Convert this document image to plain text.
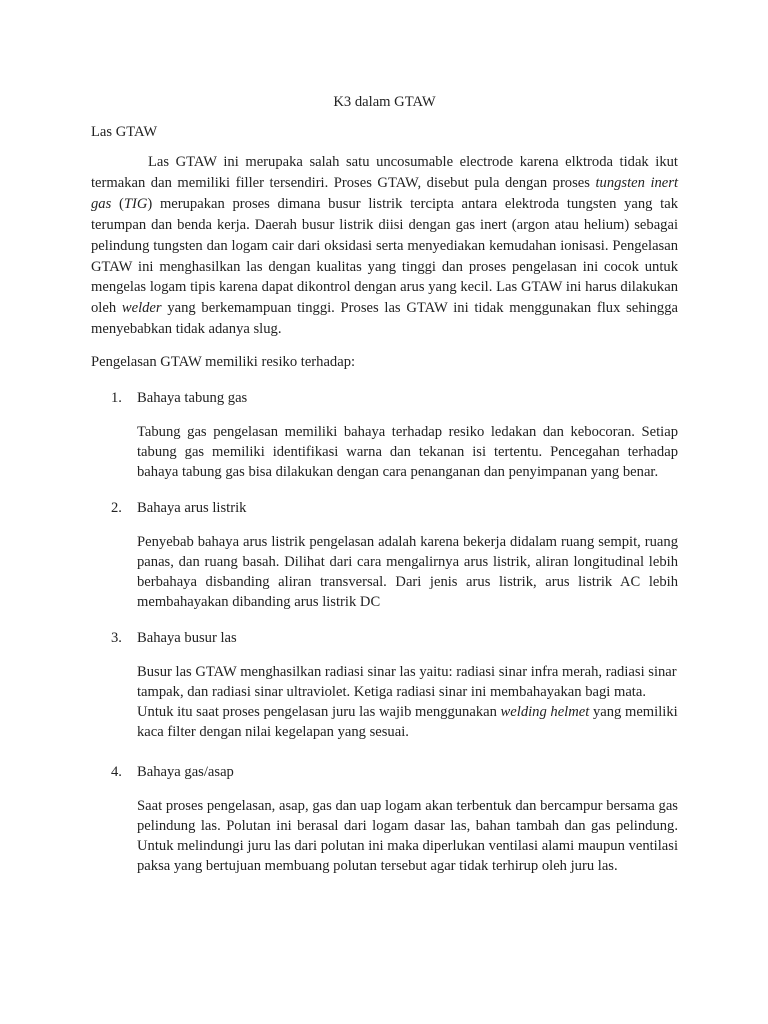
K3 dalam GTAW
Las GTAW

Las GTAW ini merupaka salah satu uncosumable electrode karena elktroda tidak ikut termakan dan memiliki filler tersendiri. Proses GTAW, disebut pula dengan proses tungsten inert gas (TIG) merupakan proses dimana busur listrik tercipta antara elektroda tungsten yang tak terumpan dan benda kerja. Daerah busur listrik diisi dengan gas inert (argon atau helium) sebagai pelindung tungsten dan logam cair dari oksidasi serta menyediakan kemudahan ionisasi. Pengelasan GTAW ini menghasilkan las dengan kualitas yang tinggi dan proses pengelasan ini cocok untuk mengelas logam tipis karena dapat dikontrol dengan arus yang kecil. Las GTAW ini harus dilakukan oleh welder yang berkemampuan tinggi. Proses las GTAW ini tidak menggunakan flux sehingga menyebabkan tidak adanya slug.

Pengelasan GTAW memiliki resiko terhadap:
1.	Bahaya tabung gas
Tabung gas pengelasan memiliki bahaya terhadap resiko ledakan dan kebocoran. Setiap tabung gas memiliki identifikasi warna dan tekanan isi tertentu. Pencegahan terhadap bahaya tabung gas bisa dilakukan dengan cara penanganan dan penyimpanan yang benar.
2.	Bahaya arus listrik
Penyebab bahaya arus listrik pengelasan adalah karena bekerja didalam ruang sempit, ruang panas, dan ruang basah. Dilihat dari cara mengalirnya arus listrik, aliran longitudinal lebih berbahaya disbanding aliran transversal. Dari jenis arus listrik, arus listrik AC lebih membahayakan dibanding arus listrik DC
3.	Bahaya busur las
Busur las GTAW menghasilkan radiasi sinar las yaitu: radiasi sinar infra merah, radiasi sinar tampak, dan radiasi sinar ultraviolet. Ketiga radiasi sinar ini membahayakan bagi mata. Untuk itu saat proses pengelasan juru las wajib menggunakan welding helmet yang memiliki kaca filter dengan nilai kegelapan yang sesuai.
4.	Bahaya gas/asap
Saat proses pengelasan, asap, gas dan uap logam akan terbentuk dan bercampur bersama gas pelindung las. Polutan ini berasal dari logam dasar las, bahan tambah dan gas pelindung. Untuk melindungi juru las dari polutan ini maka diperlukan ventilasi alami maupun ventilasi paksa yang bertujuan membuang polutan tersebut agar tidak terhirup oleh juru las.
